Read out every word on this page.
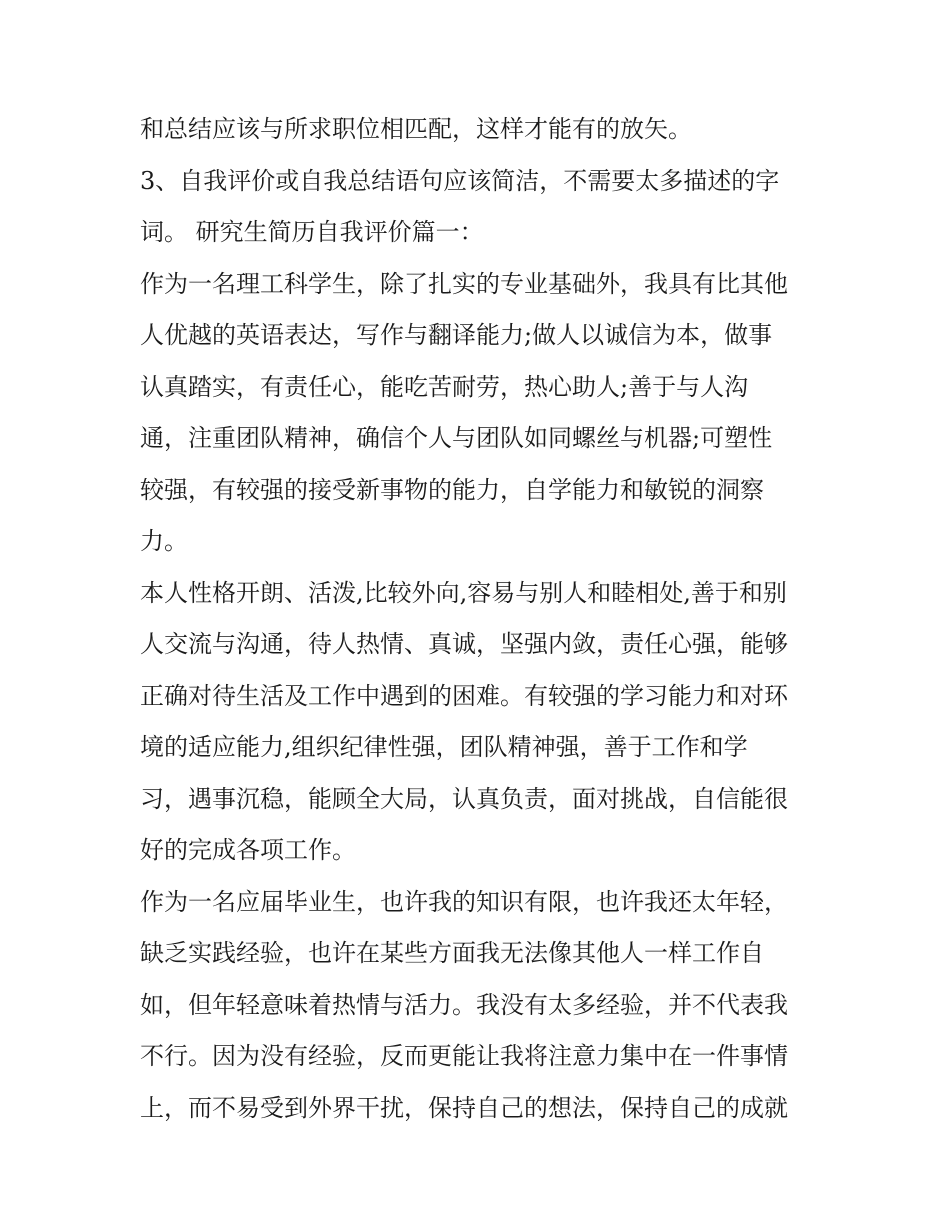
和总结应该与所求职位相匹配，这样才能有的放矢。
3、自我评价或自我总结语句应该简洁，不需要太多描述的字
词。 研究生简历自我评价篇一：
作为一名理工科学生，除了扎实的专业基础外，我具有比其他
人优越的英语表达，写作与翻译能力;做人以诚信为本，做事
认真踏实，有责任心，能吃苦耐劳，热心助人;善于与人沟
通，注重团队精神，确信个人与团队如同螺丝与机器;可塑性
较强，有较强的接受新事物的能力，自学能力和敏锐的洞察
力。
本人性格开朗、活泼,比较外向,容易与别人和睦相处,善于和别
人交流与沟通，待人热情、真诚，坚强内敛，责任心强，能够
正确对待生活及工作中遇到的困难。有较强的学习能力和对环
境的适应能力,组织纪律性强，团队精神强，善于工作和学
习，遇事沉稳，能顾全大局，认真负责，面对挑战，自信能很
好的完成各项工作。
作为一名应届毕业生，也许我的知识有限，也许我还太年轻，
缺乏实践经验，也许在某些方面我无法像其他人一样工作自
如，但年轻意味着热情与活力。我没有太多经验，并不代表我
不行。因为没有经验，反而更能让我将注意力集中在一件事情
上，而不易受到外界干扰，保持自己的想法，保持自己的成就
